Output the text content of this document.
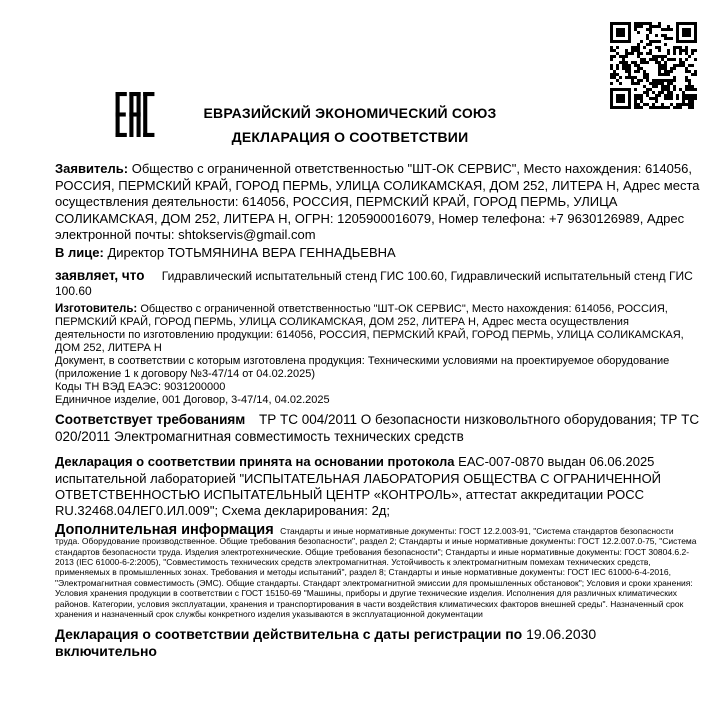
ЕВРАЗИЙСКИЙ ЭКОНОМИЧЕСКИЙ СОЮЗ
ДЕКЛАРАЦИЯ О СООТВЕТСТВИИ

Заявитель: Общество с ограниченной ответственностью "ШТ-ОК СЕРВИС", Место нахождения: 614056, РОССИЯ, ПЕРМСКИЙ КРАЙ, ГОРОД ПЕРМЬ, УЛИЦА СОЛИКАМСКАЯ, ДОМ 252, ЛИТЕРА Н, Адрес места осуществления деятельности: 614056, РОССИЯ, ПЕРМСКИЙ КРАЙ, ГОРОД ПЕРМЬ, УЛИЦА СОЛИКАМСКАЯ, ДОМ 252, ЛИТЕРА Н, ОГРН: 1205900016079, Номер телефона: +7 9630126989, Адрес электронной почты: shtokservis@gmail.com

В лице: Директор ТОТЬМЯНИНА ВЕРА ГЕННАДЬЕВНА

заявляет, что Гидравлический испытательный стенд ГИС 100.60, Гидравлический испытательный стенд ГИС 100.60

Изготовитель: Общество с ограниченной ответственностью "ШТ-ОК СЕРВИС", Место нахождения: 614056, РОССИЯ, ПЕРМСКИЙ КРАЙ, ГОРОД ПЕРМЬ, УЛИЦА СОЛИКАМСКАЯ, ДОМ 252, ЛИТЕРА Н, Адрес места осуществления деятельности по изготовлению продукции: 614056, РОССИЯ, ПЕРМСКИЙ КРАЙ, ГОРОД ПЕРМЬ, УЛИЦА СОЛИКАМСКАЯ, ДОМ 252, ЛИТЕРА Н

Документ, в соответствии с которым изготовлена продукция: Техническими условиями на проектируемое оборудование (приложение 1 к договору №3-47/14 от 04.02.2025)

Коды ТН ВЭД ЕАЭС: 9031200000

Единичное изделие, 001 Договор, 3-47/14, 04.02.2025

Соответствует требованиям ТР ТС 004/2011 О безопасности низковольтного оборудования; ТР ТС 020/2011 Электромагнитная совместимость технических средств

Декларация о соответствии принята на основании протокола ЕАС-007-0870 выдан 06.06.2025 испытательной лабораторией "ИСПЫТАТЕЛЬНАЯ ЛАБОРАТОРИЯ ОБЩЕСТВА С ОГРАНИЧЕННОЙ ОТВЕТСТВЕННОСТЬЮ ИСПЫТАТЕЛЬНЫЙ ЦЕНТР «КОНТРОЛЬ», аттестат аккредитации РОСС RU.32468.04ЛЕГ0.ИЛ.009"; Схема декларирования: 2д;

Дополнительная информация Стандарты и иные нормативные документы: ГОСТ 12.2.003-91, "Система стандартов безопасности труда. Оборудование производственное. Общие требования безопасности", раздел 2; Стандарты и иные нормативные документы: ГОСТ 12.2.007.0-75, "Система стандартов безопасности труда. Изделия электротехнические. Общие требования безопасности"; Стандарты и иные нормативные документы: ГОСТ 30804.6.2-2013 (IEC 61000-6-2:2005), "Совместимость технических средств электромагнитная. Устойчивость к электромагнитным помехам технических средств, применяемых в промышленных зонах. Требования и методы испытаний", раздел 8; Стандарты и иные нормативные документы: ГОСТ IEC 61000-6-4-2016, "Электромагнитная совместимость (ЭМС). Общие стандарты. Стандарт электромагнитной эмиссии для промышленных обстановок"; Условия и сроки хранения: Условия хранения продукции в соответствии с ГОСТ 15150-69 "Машины, приборы и другие технические изделия. Исполнения для различных климатических районов. Категории, условия эксплуатации, хранения и транспортирования в части воздействия климатических факторов внешней среды". Назначенный срок хранения и назначенный срок службы конкретного изделия указываются в эксплуатационной документации

Декларация о соответствии действительна с даты регистрации по 19.06.2030 включительно
